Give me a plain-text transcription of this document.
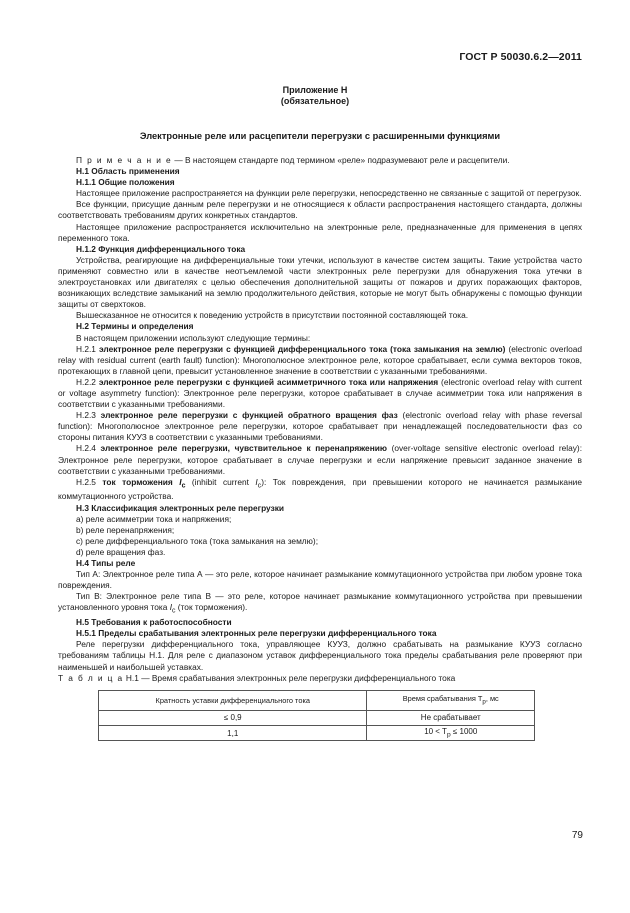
ГОСТ Р 50030.6.2—2011
Приложение Н
(обязательное)
Электронные реле или расцепители перегрузки с расширенными функциями

П р и м е ч а н и е — В настоящем стандарте под термином «реле» подразумевают реле и расцепители.

Н.1 Область применения

Н.1.1 Общие положения

Настоящее приложение распространяется на функции реле перегрузки, непосредственно не связанные с защитой от перегрузок.

Все функции, присущие данным реле перегрузки и не относящиеся к области распространения настоящего стандарта, должны соответствовать требованиям других конкретных стандартов.

Настоящее приложение распространяется исключительно на электронные реле, предназначенные для применения в цепях переменного тока.

Н.1.2 Функция дифференциального тока

Устройства, реагирующие на дифференциальные токи утечки, используют в качестве систем защиты. Такие устройства часто применяют совместно или в качестве неотъемлемой части электронных реле перегрузки для обнаружения тока утечки в электроустановках или двигателях с целью обеспечения дополнительной защиты от пожаров и других поражающих факторов, возникающих вследствие замыканий на землю продолжительного действия, которые не могут быть обнаружены с помощью функции защиты от сверхтоков.

Вышесказанное не относится к поведению устройств в присутствии постоянной составляющей тока.

Н.2 Термины и определения

В настоящем приложении используют следующие термины:

Н.2.1 электронное реле перегрузки с функцией дифференциального тока (тока замыкания на землю) (electronic overload relay with residual current (earth fault) function): Многополюсное электронное реле, которое срабатывает, если сумма векторов токов, протекающих в главной цепи, превысит установленное значение в соответствии с указанными требованиями.

Н.2.2 электронное реле перегрузки с функцией асимметричного тока или напряжения (electronic overload relay with current or voltage asymmetry function): Электронное реле перегрузки, которое срабатывает в случае асимметрии тока или напряжения в соответствии с указанными требованиями.

Н.2.3 электронное реле перегрузки с функцией обратного вращения фаз (electronic overload relay with phase reversal function): Многополюсное электронное реле перегрузки, которое срабатывает при ненадлежащей последовательности фаз со стороны питания КУУЗ в соответствии с указанными требованиями.

Н.2.4 электронное реле перегрузки, чувствительное к перенапряжению (over-voltage sensitive electronic overload relay): Электронное реле перегрузки, которое срабатывает в случае перегрузки и если напряжение превысит заданное значение в соответствии с указанными требованиями.

Н.2.5 ток торможения $I_c$ (inhibit current $I_c$): Ток повреждения, при превышении которого не начинается размыкание коммутационного устройства.

Н.3 Классификация электронных реле перегрузки

а) реле асимметрии тока и напряжения;

b) реле перенапряжения;

c) реле дифференциального тока (тока замыкания на землю);

d) реле вращения фаз.

Н.4 Типы реле

Тип А: Электронное реле типа А — это реле, которое начинает размыкание коммутационного устройства при любом уровне тока повреждения.

Тип В: Электронное реле типа В — это реле, которое начинает размыкание коммутационного устройства при превышении установленного уровня тока $I_c$ (ток торможения).

Н.5 Требования к работоспособности

Н.5.1 Пределы срабатывания электронных реле перегрузки дифференциального тока

Реле перегрузки дифференциального тока, управляющее КУУЗ, должно срабатывать на размыкание КУУЗ согласно требованиям таблицы Н.1. Для реле с диапазоном уставок дифференциального тока пределы срабатывания реле проверяют при наименьшей и наибольшей уставках.

Т а б л и ц а Н.1 — Время срабатывания электронных реле перегрузки дифференциального тока

Кратность уставки дифференциального тока	Время срабатывания $T_p$, мс
≤ 0,9	Не срабатывает
1,1	$10 < T_p \le 1000$
79
